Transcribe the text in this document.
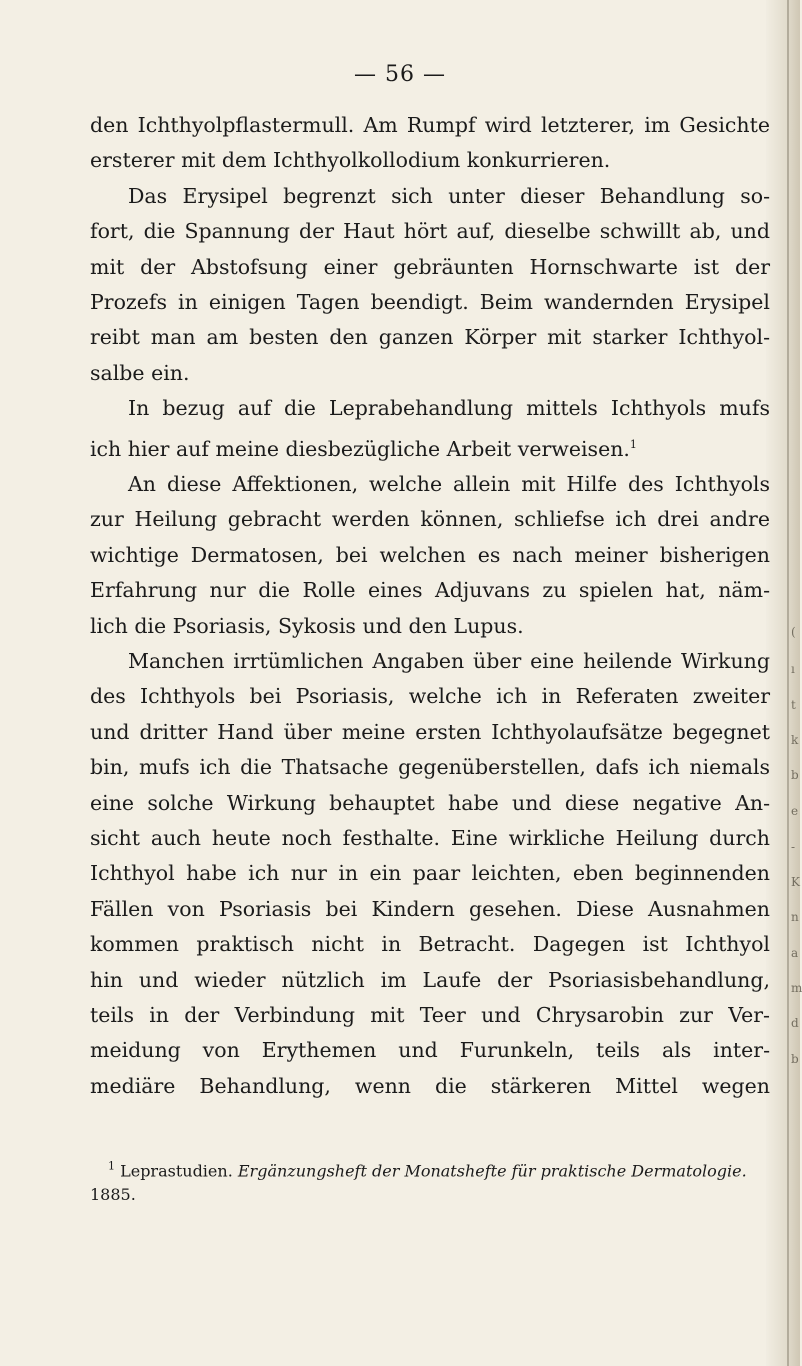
— 56 —
den Ichthyolpflastermull. Am Rumpf wird letzterer, im Gesichte
ersterer mit dem Ichthyolkollodium konkurrieren.
Das Erysipel begrenzt sich unter dieser Behandlung so-
fort, die Spannung der Haut hört auf, dieselbe schwillt ab, und
mit der Abstofsung einer gebräunten Hornschwarte ist der
Prozefs in einigen Tagen beendigt. Beim wandernden Erysipel
reibt man am besten den ganzen Körper mit starker Ichthyol-
salbe ein.
In bezug auf die Leprabehandlung mittels Ichthyols mufs
ich hier auf meine diesbezügliche Arbeit verweisen.$^1$
An diese Affektionen, welche allein mit Hilfe des Ichthyols
zur Heilung gebracht werden können, schliefse ich drei andre
wichtige Dermatosen, bei welchen es nach meiner bisherigen
Erfahrung nur die Rolle eines Adjuvans zu spielen hat, näm-
lich die Psoriasis, Sykosis und den Lupus.
Manchen irrtümlichen Angaben über eine heilende Wirkung
des Ichthyols bei Psoriasis, welche ich in Referaten zweiter
und dritter Hand über meine ersten Ichthyolaufsätze begegnet
bin, mufs ich die Thatsache gegenüberstellen, dafs ich niemals
eine solche Wirkung behauptet habe und diese negative An-
sicht auch heute noch festhalte. Eine wirkliche Heilung durch
Ichthyol habe ich nur in ein paar leichten, eben beginnenden
Fällen von Psoriasis bei Kindern gesehen. Diese Ausnahmen
kommen praktisch nicht in Betracht. Dagegen ist Ichthyol
hin und wieder nützlich im Laufe der Psoriasisbehandlung,
teils in der Verbindung mit Teer und Chrysarobin zur Ver-
meidung von Erythemen und Furunkeln, teils als inter-
mediäre Behandlung, wenn die stärkeren Mittel wegen
$^1$ Leprastudien. Ergänzungsheft der Monatshefte für praktische Dermatologie. 1885.
(
ı
t
k
b
e
-
K
n
a
m
d
b
